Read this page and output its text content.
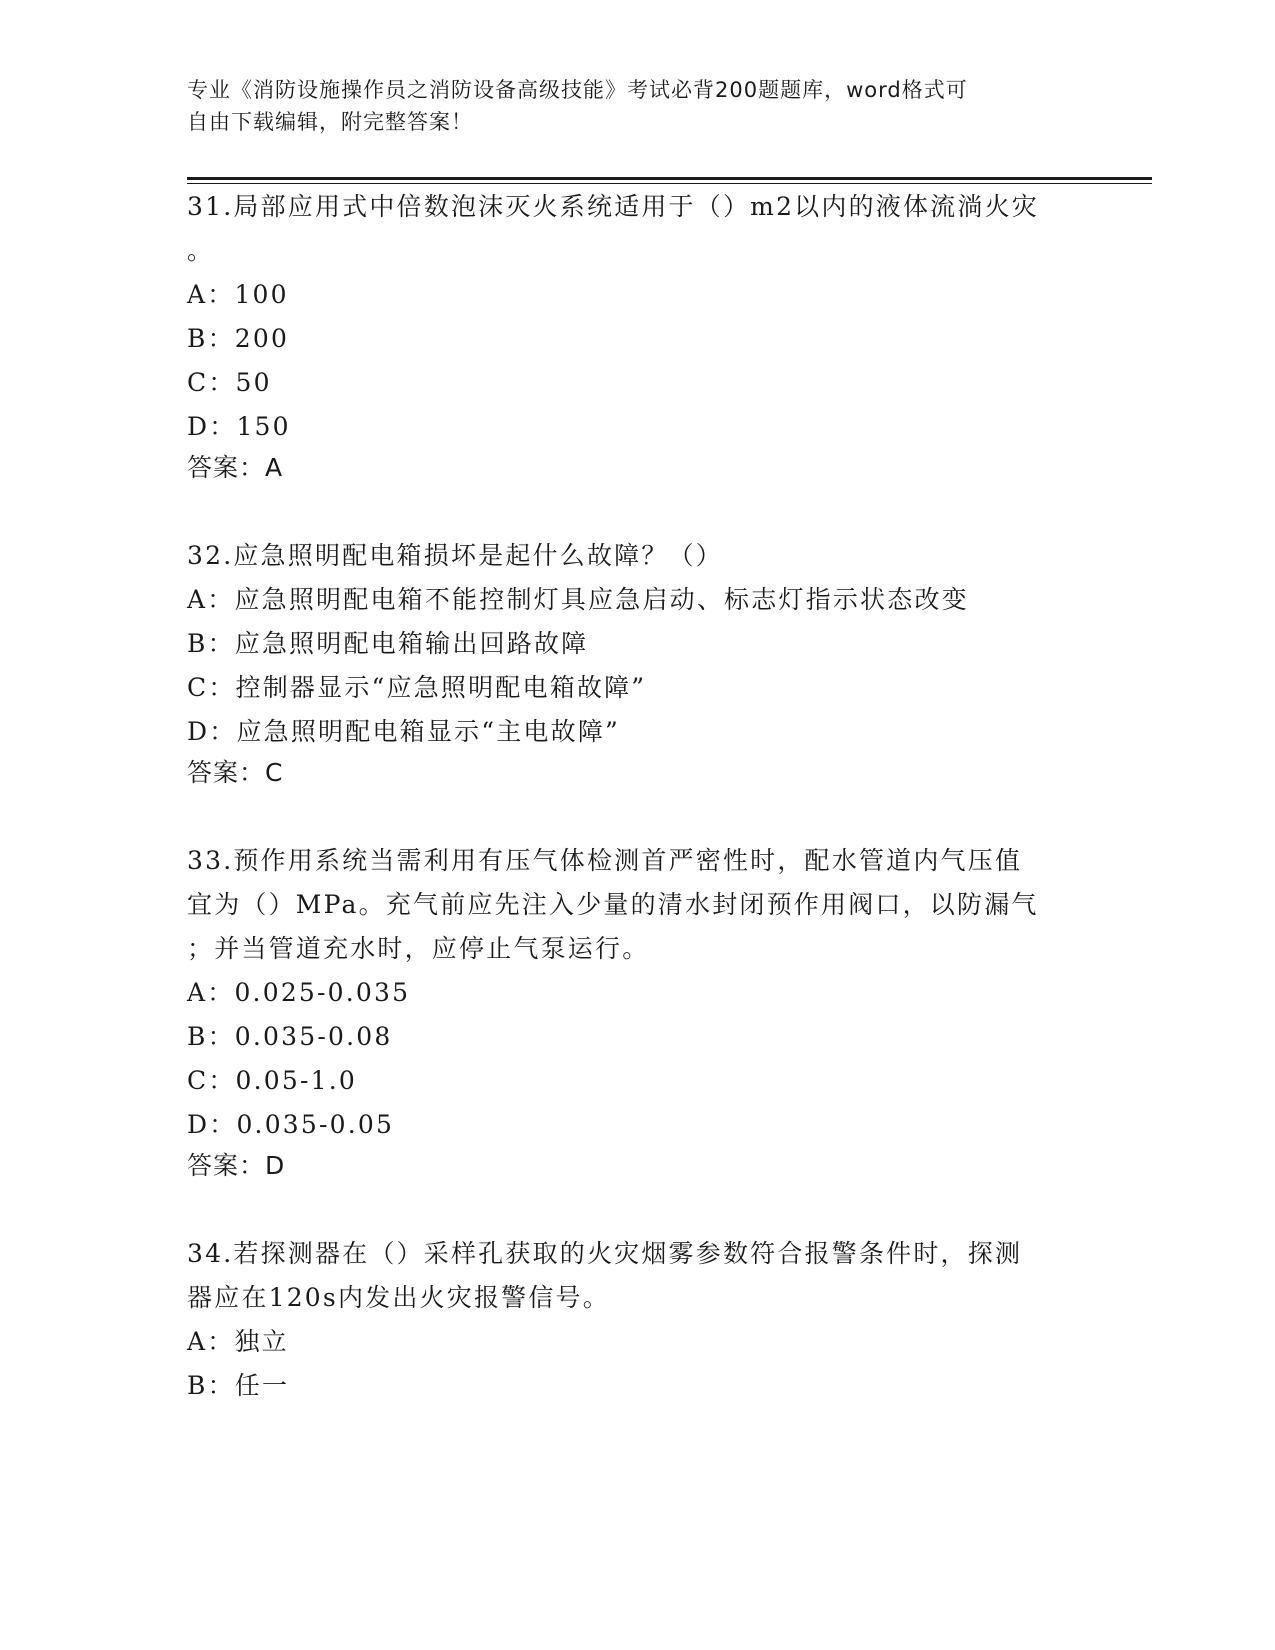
专业《消防设施操作员之消防设备高级技能》考试必背200题题库，word格式可
自由下载编辑，附完整答案！
31.局部应用式中倍数泡沫灭火系统适用于（）m2以内的液体流淌火灾
。
A：100
B：200
C：50
D：150
答案：A
32.应急照明配电箱损坏是起什么故障？（）
A：应急照明配电箱不能控制灯具应急启动、标志灯指示状态改变
B：应急照明配电箱输出回路故障
C：控制器显示“应急照明配电箱故障”
D：应急照明配电箱显示“主电故障”
答案：C
33.预作用系统当需利用有压气体检测首严密性时，配水管道内气压值
宜为（）MPa。充气前应先注入少量的清水封闭预作用阀口，以防漏气
；并当管道充水时，应停止气泵运行。
A：0.025-0.035
B：0.035-0.08
C：0.05-1.0
D：0.035-0.05
答案：D
34.若探测器在（）采样孔获取的火灾烟雾参数符合报警条件时，探测
器应在120s内发出火灾报警信号。
A：独立
B：任一
